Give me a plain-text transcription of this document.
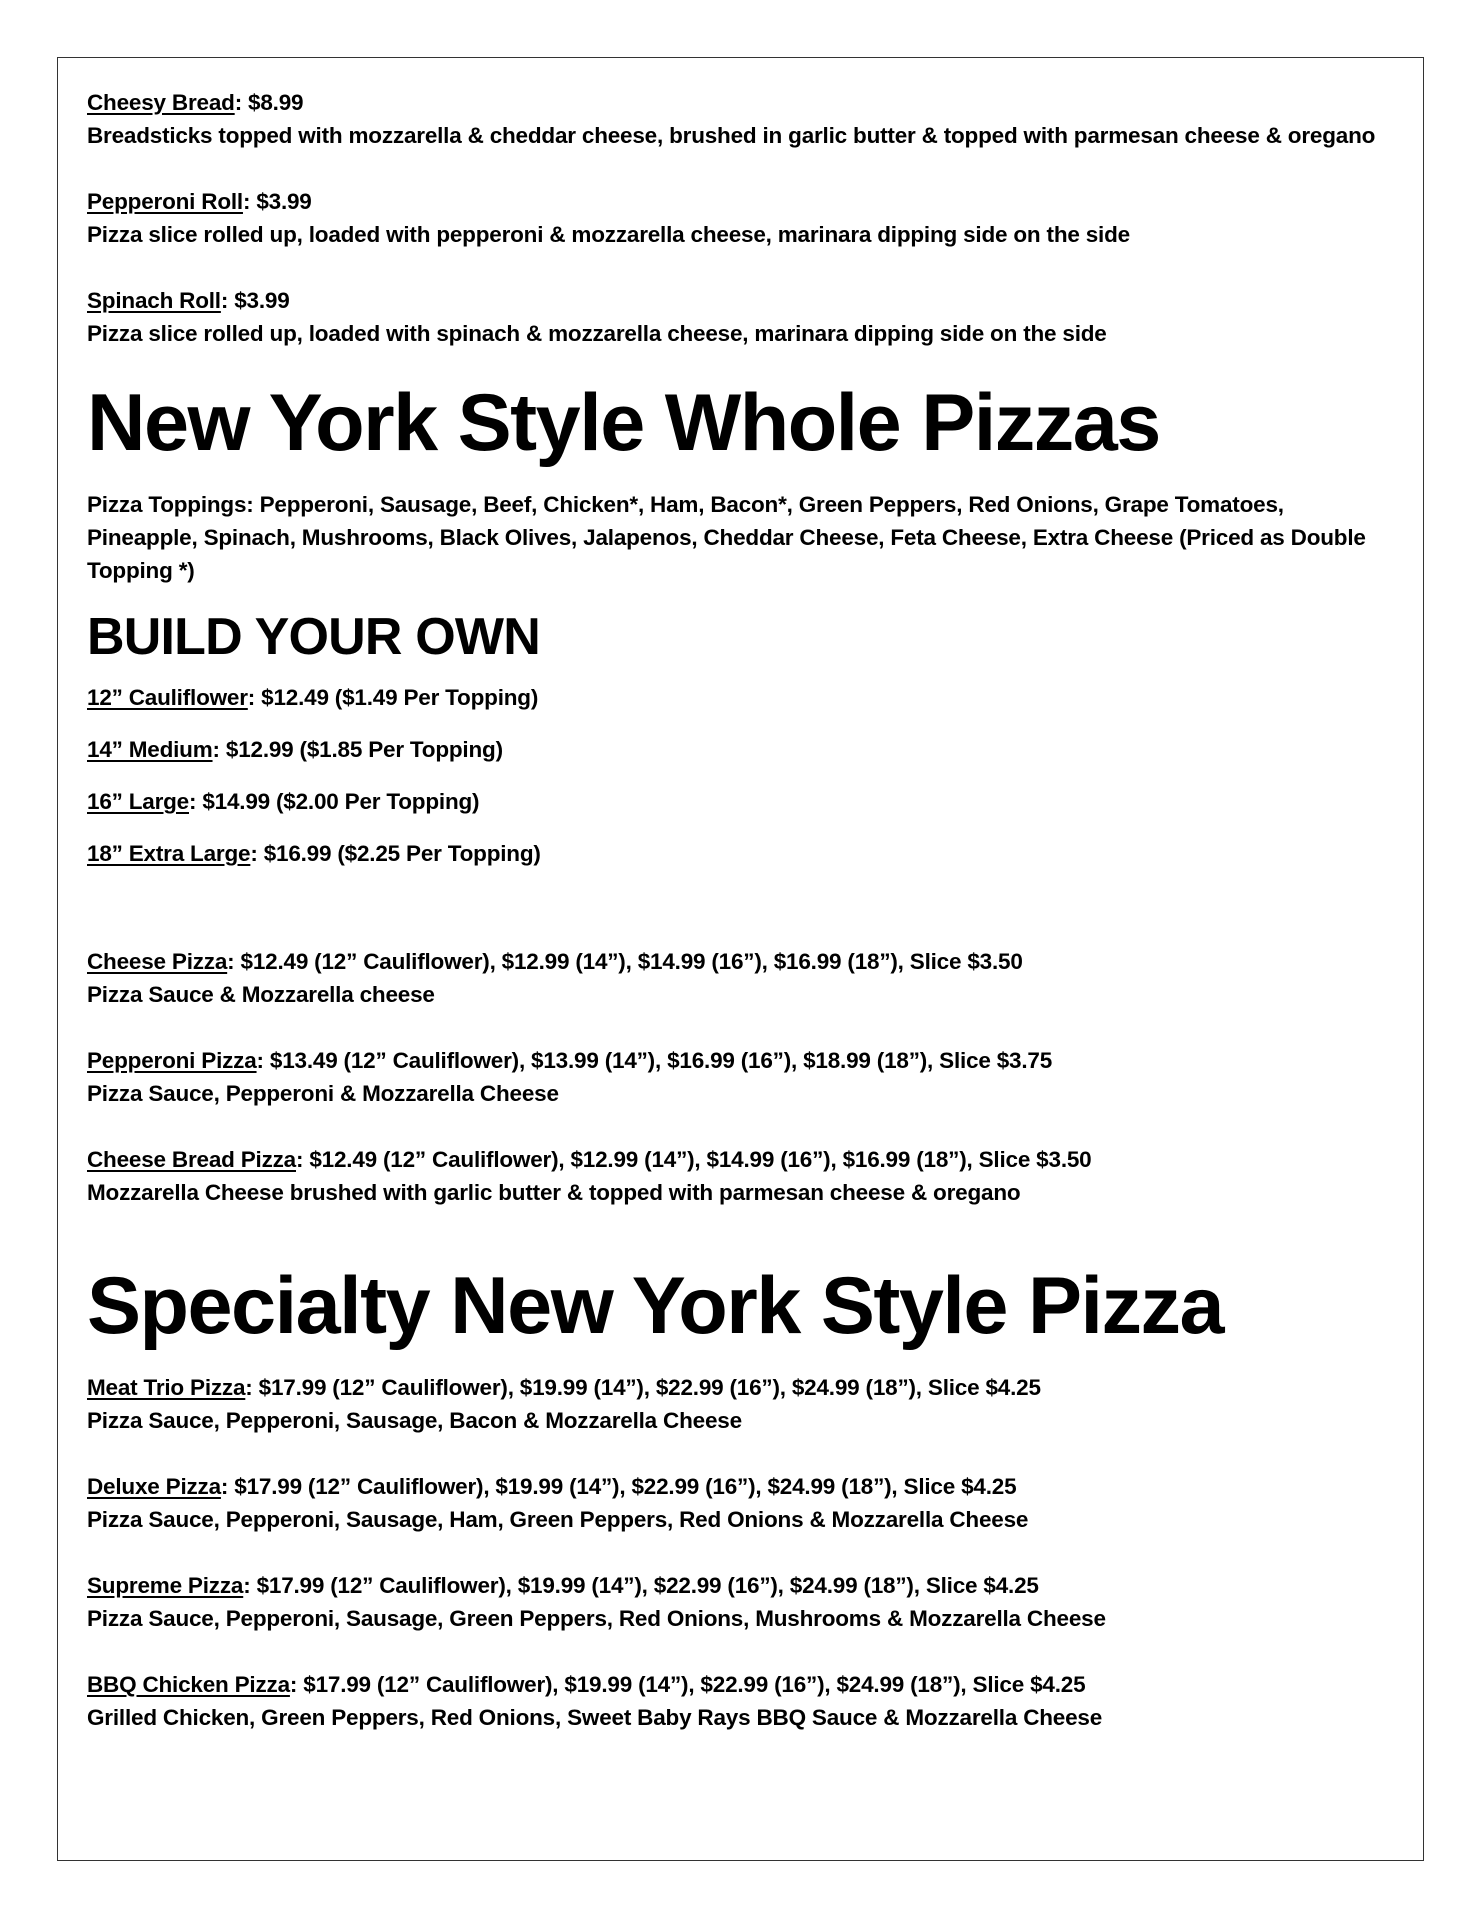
Cheesy Bread: $8.99
Breadsticks topped with mozzarella & cheddar cheese, brushed in garlic butter & topped with parmesan cheese & oregano
Pepperoni Roll: $3.99
Pizza slice rolled up, loaded with pepperoni & mozzarella cheese, marinara dipping side on the side
Spinach Roll: $3.99
Pizza slice rolled up, loaded with spinach & mozzarella cheese, marinara dipping side on the side
New York Style Whole Pizzas
Pizza Toppings: Pepperoni, Sausage, Beef, Chicken*, Ham, Bacon*, Green Peppers, Red Onions, Grape Tomatoes, Pineapple, Spinach, Mushrooms, Black Olives, Jalapenos, Cheddar Cheese, Feta Cheese, Extra Cheese (Priced as Double Topping *)
BUILD YOUR OWN
12” Cauliflower: $12.49 ($1.49 Per Topping)
14” Medium: $12.99 ($1.85 Per Topping)
16” Large: $14.99 ($2.00 Per Topping)
18” Extra Large: $16.99 ($2.25 Per Topping)
Cheese Pizza: $12.49 (12” Cauliflower), $12.99 (14”), $14.99 (16”), $16.99 (18”), Slice $3.50
Pizza Sauce & Mozzarella cheese
Pepperoni Pizza: $13.49 (12” Cauliflower), $13.99 (14”), $16.99 (16”), $18.99 (18”), Slice $3.75
Pizza Sauce, Pepperoni & Mozzarella Cheese
Cheese Bread Pizza: $12.49 (12” Cauliflower), $12.99 (14”), $14.99 (16”), $16.99 (18”), Slice $3.50
Mozzarella Cheese brushed with garlic butter & topped with parmesan cheese & oregano
Specialty New York Style Pizza
Meat Trio Pizza: $17.99 (12” Cauliflower), $19.99 (14”), $22.99 (16”), $24.99 (18”), Slice $4.25
Pizza Sauce, Pepperoni, Sausage, Bacon & Mozzarella Cheese
Deluxe Pizza: $17.99 (12” Cauliflower), $19.99 (14”), $22.99 (16”), $24.99 (18”), Slice $4.25
Pizza Sauce, Pepperoni, Sausage, Ham, Green Peppers, Red Onions & Mozzarella Cheese
Supreme Pizza: $17.99 (12” Cauliflower), $19.99 (14”), $22.99 (16”), $24.99 (18”), Slice $4.25
Pizza Sauce, Pepperoni, Sausage, Green Peppers, Red Onions, Mushrooms & Mozzarella Cheese
BBQ Chicken Pizza: $17.99 (12” Cauliflower), $19.99 (14”), $22.99 (16”), $24.99 (18”), Slice $4.25
Grilled Chicken, Green Peppers, Red Onions, Sweet Baby Rays BBQ Sauce & Mozzarella Cheese
